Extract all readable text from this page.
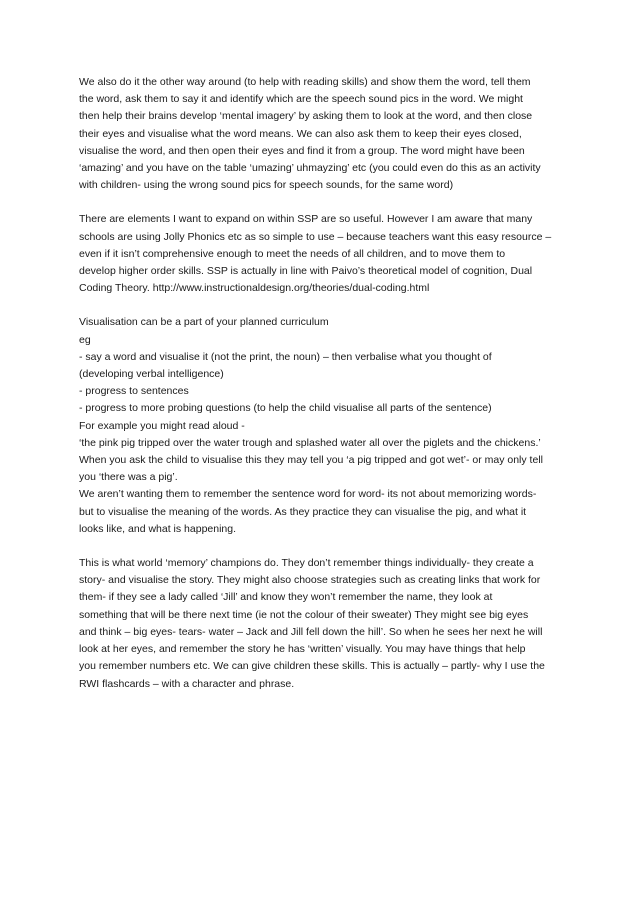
We also do it the other way around (to help with reading skills) and show them the word, tell them
the word, ask them to say it and identify which are the speech sound pics in the word. We might
then help their brains develop ‘mental imagery’ by asking them to look at the word, and then close
their eyes and visualise what the word means. We can also ask them to keep their eyes closed,
visualise the word, and then open their eyes and find it from a group. The word might have been
‘amazing’ and you have on the table ‘umazing’ uhmayzing’ etc (you could even do this as an activity
with children- using the wrong sound pics for speech sounds, for the same word)
There are elements I want to expand on within SSP are so useful. However I am aware that many
schools are using Jolly Phonics etc as so simple to use – because teachers want this easy resource –
even if it isn’t comprehensive enough to meet the needs of all children, and to move them to
develop higher order skills. SSP is actually in line with Paivo’s theoretical model of cognition, Dual
Coding Theory. http://www.instructionaldesign.org/theories/dual-coding.html
Visualisation can be a part of your planned curriculum
eg
- say a word and visualise it (not the print, the noun) – then verbalise what you thought of
(developing verbal intelligence)
- progress to sentences
- progress to more probing questions (to help the child visualise all parts of the sentence)
For example you might read aloud -
‘the pink pig tripped over the water trough and splashed water all over the piglets and the chickens.’
When you ask the child to visualise this they may tell you ‘a pig tripped and got wet’- or may only tell
you ‘there was a pig’.
We aren’t wanting them to remember the sentence word for word- its not about memorizing words-
but to visualise the meaning of the words. As they practice they can visualise the pig, and what it
looks like, and what is happening.
This is what world ‘memory’ champions do. They don’t remember things individually- they create a
story- and visualise the story. They might also choose strategies such as creating links that work for
them- if they see a lady called ‘Jill’ and know they won’t remember the name, they look at
something that will be there next time (ie not the colour of their sweater) They might see big eyes
and think – big eyes- tears- water – Jack and Jill fell down the hill’. So when he sees her next he will
look at her eyes, and remember the story he has ‘written’ visually. You may have things that help
you remember numbers etc. We can give children these skills. This is actually – partly- why I use the
RWI flashcards – with a character and phrase.
